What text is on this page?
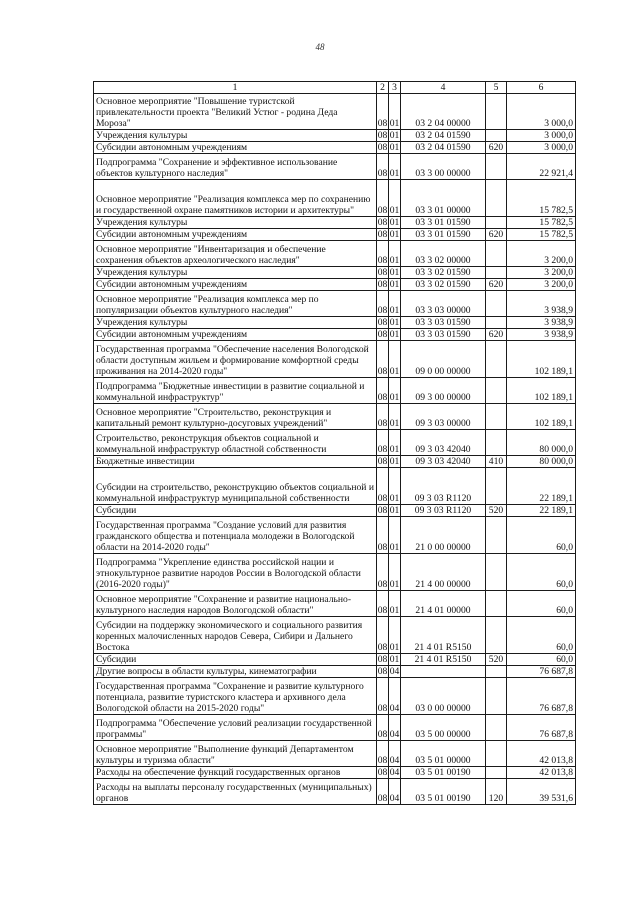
48
1	2	3	4	5	6
Основное мероприятие "Повышение туристской привлекательности проекта "Великий Устюг - родина Деда Мороза"	08	01	03 2 04 00000		3 000,0
Учреждения культуры	08	01	03 2 04 01590		3 000,0
Субсидии автономным учреждениям	08	01	03 2 04 01590	620	3 000,0
Подпрограмма "Сохранение и эффективное использование объектов культурного наследия"	08	01	03 3 00 00000		22 921,4
Основное мероприятие "Реализация комплекса мер по сохранению и государственной охране памятников истории и архитектуры"	08	01	03 3 01 00000		15 782,5
Учреждения культуры	08	01	03 3 01 01590		15 782,5
Субсидии автономным учреждениям	08	01	03 3 01 01590	620	15 782,5
Основное мероприятие "Инвентаризация и обеспечение сохранения объектов археологического наследия"	08	01	03 3 02 00000		3 200,0
Учреждения культуры	08	01	03 3 02 01590		3 200,0
Субсидии автономным учреждениям	08	01	03 3 02 01590	620	3 200,0
Основное мероприятие "Реализация комплекса мер по популяризации объектов культурного наследия"	08	01	03 3 03 00000		3 938,9
Учреждения культуры	08	01	03 3 03 01590		3 938,9
Субсидии автономным учреждениям	08	01	03 3 03 01590	620	3 938,9
Государственная программа "Обеспечение населения Вологодской области доступным жильем и формирование комфортной среды проживания на 2014-2020 годы"	08	01	09 0 00 00000		102 189,1
Подпрограмма "Бюджетные инвестиции в развитие социальной и коммунальной инфраструктур"	08	01	09 3 00 00000		102 189,1
Основное мероприятие "Строительство, реконструкция и капитальный ремонт культурно-досуговых учреждений"	08	01	09 3 03 00000		102 189,1
Строительство, реконструкция объектов социальной и коммунальной инфраструктур областной собственности	08	01	09 3 03 42040		80 000,0
Бюджетные инвестиции	08	01	09 3 03 42040	410	80 000,0
Субсидии на строительство, реконструкцию объектов социальной и коммунальной инфраструктур муниципальной собственности	08	01	09 3 03 R1120		22 189,1
Субсидии	08	01	09 3 03 R1120	520	22 189,1
Государственная программа "Создание условий для развития гражданского общества и потенциала молодежи в Вологодской области на 2014-2020 годы"	08	01	21 0 00 00000		60,0
Подпрограмма "Укрепление единства российской нации и этнокультурное развитие народов России в Вологодской области (2016-2020 годы)"	08	01	21 4 00 00000		60,0
Основное мероприятие "Сохранение и развитие национально-культурного наследия народов Вологодской области"	08	01	21 4 01 00000		60,0
Субсидии на поддержку экономического и социального развития коренных малочисленных народов Севера, Сибири и Дальнего Востока	08	01	21 4 01 R5150		60,0
Субсидии	08	01	21 4 01 R5150	520	60,0
Другие вопросы в области культуры, кинематографии	08	04			76 687,8
Государственная программа "Сохранение и развитие культурного потенциала, развитие туристского кластера и архивного дела Вологодской области на 2015-2020 годы"	08	04	03 0 00 00000		76 687,8
Подпрограмма "Обеспечение условий реализации государственной программы"	08	04	03 5 00 00000		76 687,8
Основное мероприятие "Выполнение функций Департаментом культуры и туризма области"	08	04	03 5 01 00000		42 013,8
Расходы на обеспечение функций государственных органов	08	04	03 5 01 00190		42 013,8
Расходы на выплаты персоналу государственных (муниципальных) органов	08	04	03 5 01 00190	120	39 531,6
